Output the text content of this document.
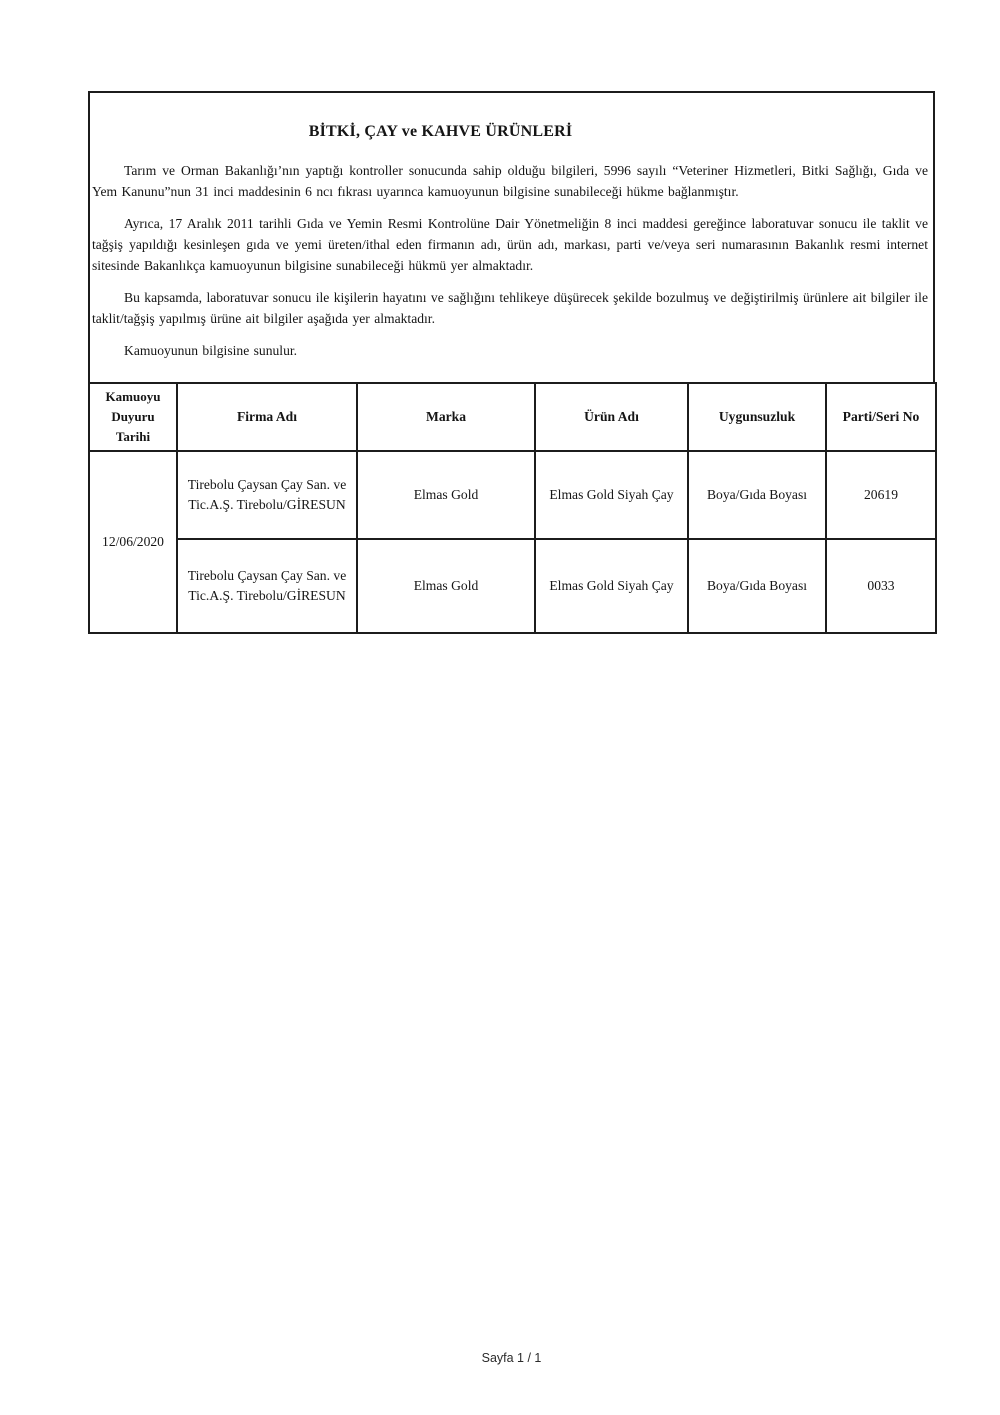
BİTKİ, ÇAY ve KAHVE ÜRÜNLERİ

Tarım ve Orman Bakanlığı’nın yaptığı kontroller sonucunda sahip olduğu bilgileri, 5996 sayılı “Veteriner Hizmetleri, Bitki Sağlığı, Gıda ve Yem Kanunu”nun 31 inci maddesinin 6 ncı fıkrası uyarınca kamuoyunun bilgisine sunabileceği hükme bağlanmıştır.

Ayrıca, 17 Aralık 2011 tarihli Gıda ve Yemin Resmi Kontrolüne Dair Yönetmeliğin 8 inci maddesi gereğince laboratuvar sonucu ile taklit ve tağşiş yapıldığı kesinleşen gıda ve yemi üreten/ithal eden firmanın adı, ürün adı, markası, parti ve/veya seri numarasının Bakanlık resmi internet sitesinde Bakanlıkça kamuoyunun bilgisine sunabileceği hükmü yer almaktadır.

Bu kapsamda, laboratuvar sonucu ile kişilerin hayatını ve sağlığını tehlikeye düşürecek şekilde bozulmuş ve değiştirilmiş ürünlere ait bilgiler ile taklit/tağşiş yapılmış ürüne ait bilgiler aşağıda yer almaktadır.

Kamuoyunun bilgisine sunulur.

Kamuoyu Duyuru Tarihi	Firma Adı	Marka	Ürün Adı	Uygunsuzluk	Parti/Seri No
12/06/2020	Tirebolu Çaysan Çay San. ve Tic.A.Ş. Tirebolu/GİRESUN	Elmas Gold	Elmas Gold Siyah Çay	Boya/Gıda Boyası	20619
	Tirebolu Çaysan Çay San. ve Tic.A.Ş. Tirebolu/GİRESUN	Elmas Gold	Elmas Gold Siyah Çay	Boya/Gıda Boyası	0033
Sayfa 1 / 1
